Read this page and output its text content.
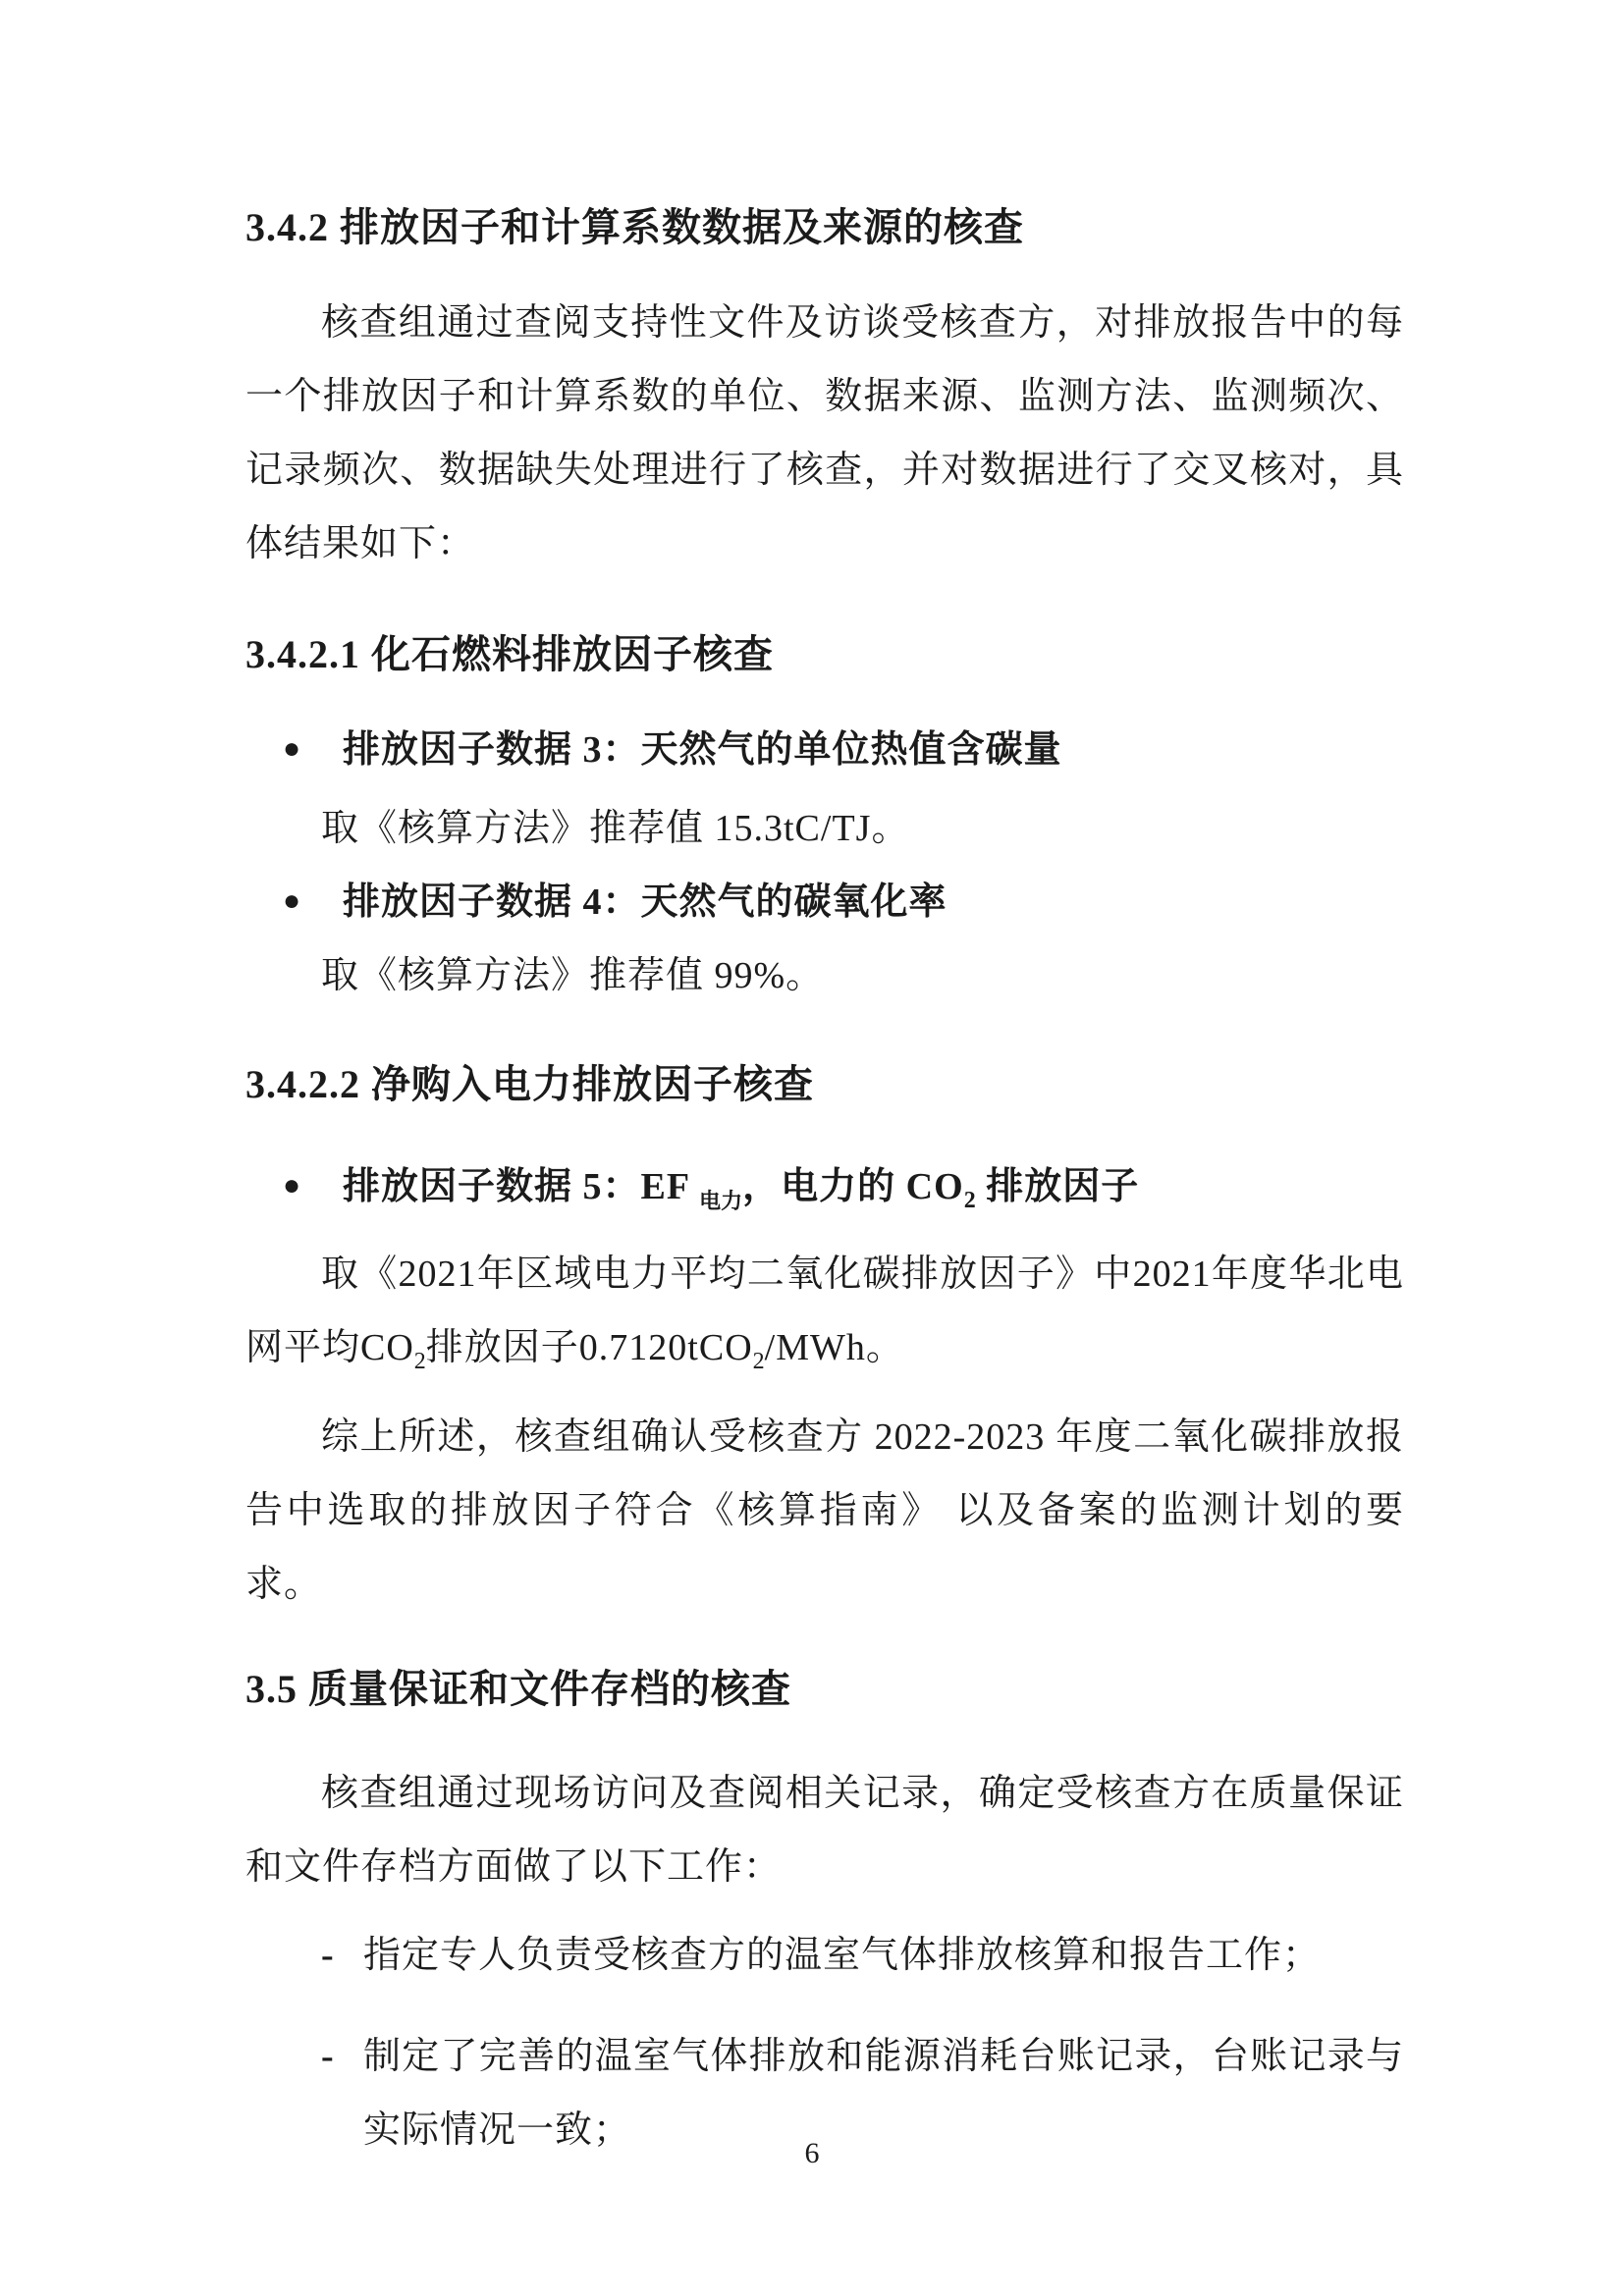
3.4.2 排放因子和计算系数数据及来源的核查
核查组通过查阅支持性文件及访谈受核查方，对排放报告中的每一个排放因子和计算系数的单位、数据来源、监测方法、监测频次、记录频次、数据缺失处理进行了核查，并对数据进行了交叉核对，具体结果如下：
3.4.2.1 化石燃料排放因子核查
● 排放因子数据 3：天然气的单位热值含碳量
取《核算方法》推荐值 15.3tC/TJ。
● 排放因子数据 4：天然气的碳氧化率
取《核算方法》推荐值 99%。
3.4.2.2 净购入电力排放因子核查
● 排放因子数据 5：EF $_{电力}$，电力的 $CO_2$ 排放因子
取《2021年区域电力平均二氧化碳排放因子》中2021年度华北电网平均$CO_2$排放因子0.7120tCO$_2$/MWh。
综上所述，核查组确认受核查方 2022-2023 年度二氧化碳排放报告中选取的排放因子符合《核算指南》 以及备案的监测计划的要求。
3.5 质量保证和文件存档的核查
核查组通过现场访问及查阅相关记录，确定受核查方在质量保证和文件存档方面做了以下工作：
- 指定专人负责受核查方的温室气体排放核算和报告工作；
- 制定了完善的温室气体排放和能源消耗台账记录，台账记录与实际情况一致；
6
